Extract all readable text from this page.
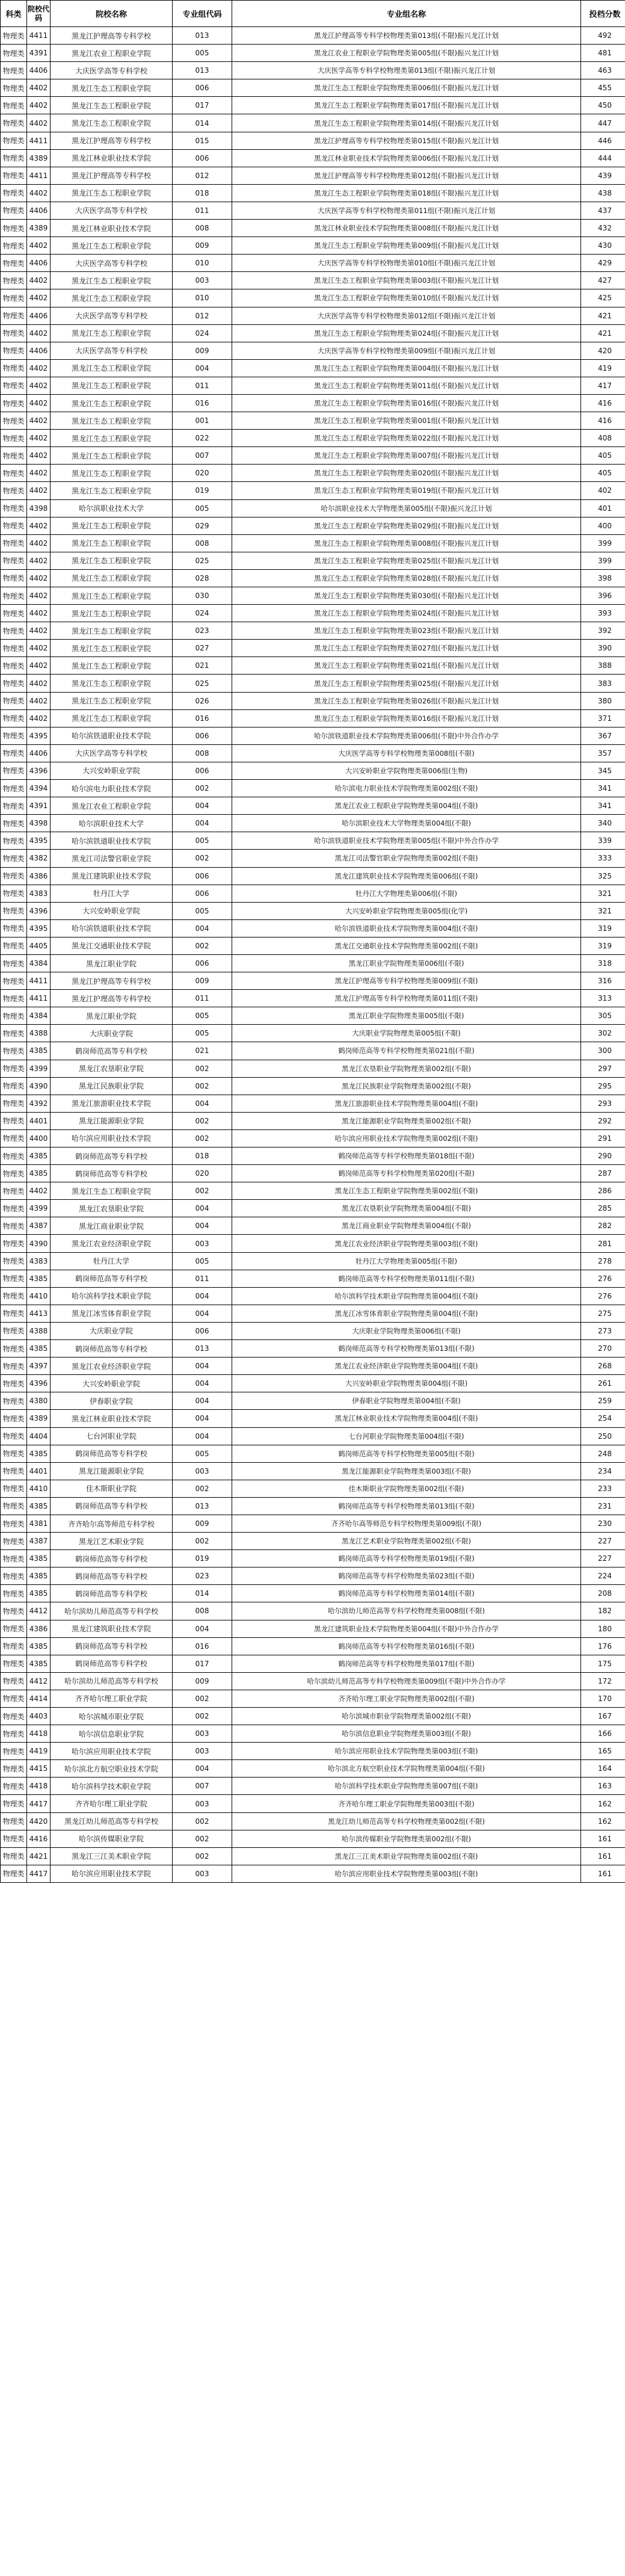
科类	院校代码	院校名称	专业组代码	专业组名称	投档分数
物理类	4411	黑龙江护理高等专科学校	013	黑龙江护理高等专科学校物理类第013组(不限)振兴龙江计划	492
物理类	4391	黑龙江农业工程职业学院	005	黑龙江农业工程职业学院物理类第005组(不限)振兴龙江计划	481
物理类	4406	大庆医学高等专科学校	013	大庆医学高等专科学校物理类第013组(不限)振兴龙江计划	463
物理类	4402	黑龙江生态工程职业学院	006	黑龙江生态工程职业学院物理类第006组(不限)振兴龙江计划	455
物理类	4402	黑龙江生态工程职业学院	017	黑龙江生态工程职业学院物理类第017组(不限)振兴龙江计划	450
物理类	4402	黑龙江生态工程职业学院	014	黑龙江生态工程职业学院物理类第014组(不限)振兴龙江计划	447
物理类	4411	黑龙江护理高等专科学校	015	黑龙江护理高等专科学校物理类第015组(不限)振兴龙江计划	446
物理类	4389	黑龙江林业职业技术学院	006	黑龙江林业职业技术学院物理类第006组(不限)振兴龙江计划	444
物理类	4411	黑龙江护理高等专科学校	012	黑龙江护理高等专科学校物理类第012组(不限)振兴龙江计划	439
物理类	4402	黑龙江生态工程职业学院	018	黑龙江生态工程职业学院物理类第018组(不限)振兴龙江计划	438
物理类	4406	大庆医学高等专科学校	011	大庆医学高等专科学校物理类第011组(不限)振兴龙江计划	437
物理类	4389	黑龙江林业职业技术学院	008	黑龙江林业职业技术学院物理类第008组(不限)振兴龙江计划	432
物理类	4402	黑龙江生态工程职业学院	009	黑龙江生态工程职业学院物理类第009组(不限)振兴龙江计划	430
物理类	4406	大庆医学高等专科学校	010	大庆医学高等专科学校物理类第010组(不限)振兴龙江计划	429
物理类	4402	黑龙江生态工程职业学院	003	黑龙江生态工程职业学院物理类第003组(不限)振兴龙江计划	427
物理类	4402	黑龙江生态工程职业学院	010	黑龙江生态工程职业学院物理类第010组(不限)振兴龙江计划	425
物理类	4406	大庆医学高等专科学校	012	大庆医学高等专科学校物理类第012组(不限)振兴龙江计划	421
物理类	4402	黑龙江生态工程职业学院	024	黑龙江生态工程职业学院物理类第024组(不限)振兴龙江计划	421
物理类	4406	大庆医学高等专科学校	009	大庆医学高等专科学校物理类第009组(不限)振兴龙江计划	420
物理类	4402	黑龙江生态工程职业学院	004	黑龙江生态工程职业学院物理类第004组(不限)振兴龙江计划	419
物理类	4402	黑龙江生态工程职业学院	011	黑龙江生态工程职业学院物理类第011组(不限)振兴龙江计划	417
物理类	4402	黑龙江生态工程职业学院	016	黑龙江生态工程职业学院物理类第016组(不限)振兴龙江计划	416
物理类	4402	黑龙江生态工程职业学院	001	黑龙江生态工程职业学院物理类第001组(不限)振兴龙江计划	416
物理类	4402	黑龙江生态工程职业学院	022	黑龙江生态工程职业学院物理类第022组(不限)振兴龙江计划	408
物理类	4402	黑龙江生态工程职业学院	007	黑龙江生态工程职业学院物理类第007组(不限)振兴龙江计划	405
物理类	4402	黑龙江生态工程职业学院	020	黑龙江生态工程职业学院物理类第020组(不限)振兴龙江计划	405
物理类	4402	黑龙江生态工程职业学院	019	黑龙江生态工程职业学院物理类第019组(不限)振兴龙江计划	402
物理类	4398	哈尔滨职业技术大学	005	哈尔滨职业技术大学物理类第005组(不限)振兴龙江计划	401
物理类	4402	黑龙江生态工程职业学院	029	黑龙江生态工程职业学院物理类第029组(不限)振兴龙江计划	400
物理类	4402	黑龙江生态工程职业学院	008	黑龙江生态工程职业学院物理类第008组(不限)振兴龙江计划	399
物理类	4402	黑龙江生态工程职业学院	025	黑龙江生态工程职业学院物理类第025组(不限)振兴龙江计划	399
物理类	4402	黑龙江生态工程职业学院	028	黑龙江生态工程职业学院物理类第028组(不限)振兴龙江计划	398
物理类	4402	黑龙江生态工程职业学院	030	黑龙江生态工程职业学院物理类第030组(不限)振兴龙江计划	396
物理类	4402	黑龙江生态工程职业学院	024	黑龙江生态工程职业学院物理类第024组(不限)振兴龙江计划	393
物理类	4402	黑龙江生态工程职业学院	023	黑龙江生态工程职业学院物理类第023组(不限)振兴龙江计划	392
物理类	4402	黑龙江生态工程职业学院	027	黑龙江生态工程职业学院物理类第027组(不限)振兴龙江计划	390
物理类	4402	黑龙江生态工程职业学院	021	黑龙江生态工程职业学院物理类第021组(不限)振兴龙江计划	388
物理类	4402	黑龙江生态工程职业学院	025	黑龙江生态工程职业学院物理类第025组(不限)振兴龙江计划	383
物理类	4402	黑龙江生态工程职业学院	026	黑龙江生态工程职业学院物理类第026组(不限)振兴龙江计划	380
物理类	4402	黑龙江生态工程职业学院	016	黑龙江生态工程职业学院物理类第016组(不限)振兴龙江计划	371
物理类	4395	哈尔滨铁道职业技术学院	006	哈尔滨铁道职业技术学院物理类第006组(不限)中外合作办学	367
物理类	4406	大庆医学高等专科学校	008	大庆医学高等专科学校物理类第008组(不限)	357
物理类	4396	大兴安岭职业学院	006	大兴安岭职业学院物理类第006组(生物)	345
物理类	4394	哈尔滨电力职业技术学院	002	哈尔滨电力职业技术学院物理类第002组(不限)	341
物理类	4391	黑龙江农业工程职业学院	004	黑龙江农业工程职业学院物理类第004组(不限)	341
物理类	4398	哈尔滨职业技术大学	004	哈尔滨职业技术大学物理类第004组(不限)	340
物理类	4395	哈尔滨铁道职业技术学院	005	哈尔滨铁道职业技术学院物理类第005组(不限)中外合作办学	339
物理类	4382	黑龙江司法警官职业学院	002	黑龙江司法警官职业学院物理类第002组(不限)	333
物理类	4386	黑龙江建筑职业技术学院	006	黑龙江建筑职业技术学院物理类第006组(不限)	325
物理类	4383	牡丹江大学	006	牡丹江大学物理类第006组(不限)	321
物理类	4396	大兴安岭职业学院	005	大兴安岭职业学院物理类第005组(化学)	321
物理类	4395	哈尔滨铁道职业技术学院	004	哈尔滨铁道职业技术学院物理类第004组(不限)	319
物理类	4405	黑龙江交通职业技术学院	002	黑龙江交通职业技术学院物理类第002组(不限)	319
物理类	4384	黑龙江职业学院	006	黑龙江职业学院物理类第006组(不限)	318
物理类	4411	黑龙江护理高等专科学校	009	黑龙江护理高等专科学校物理类第009组(不限)	316
物理类	4411	黑龙江护理高等专科学校	011	黑龙江护理高等专科学校物理类第011组(不限)	313
物理类	4384	黑龙江职业学院	005	黑龙江职业学院物理类第005组(不限)	305
物理类	4388	大庆职业学院	005	大庆职业学院物理类第005组(不限)	302
物理类	4385	鹤岗师范高等专科学校	021	鹤岗师范高等专科学校物理类第021组(不限)	300
物理类	4399	黑龙江农垦职业学院	002	黑龙江农垦职业学院物理类第002组(不限)	297
物理类	4390	黑龙江民族职业学院	002	黑龙江民族职业学院物理类第002组(不限)	295
物理类	4392	黑龙江旅游职业技术学院	004	黑龙江旅游职业技术学院物理类第004组(不限)	293
物理类	4401	黑龙江能源职业学院	002	黑龙江能源职业学院物理类第002组(不限)	292
物理类	4400	哈尔滨应用职业技术学院	002	哈尔滨应用职业技术学院物理类第002组(不限)	291
物理类	4385	鹤岗师范高等专科学校	018	鹤岗师范高等专科学校物理类第018组(不限)	290
物理类	4385	鹤岗师范高等专科学校	020	鹤岗师范高等专科学校物理类第020组(不限)	287
物理类	4402	黑龙江生态工程职业学院	002	黑龙江生态工程职业学院物理类第002组(不限)	286
物理类	4399	黑龙江农垦职业学院	004	黑龙江农垦职业学院物理类第004组(不限)	285
物理类	4387	黑龙江商业职业学院	004	黑龙江商业职业学院物理类第004组(不限)	282
物理类	4390	黑龙江农业经济职业学院	003	黑龙江农业经济职业学院物理类第003组(不限)	281
物理类	4383	牡丹江大学	005	牡丹江大学物理类第005组(不限)	278
物理类	4385	鹤岗师范高等专科学校	011	鹤岗师范高等专科学校物理类第011组(不限)	276
物理类	4410	哈尔滨科学技术职业学院	004	哈尔滨科学技术职业学院物理类第004组(不限)	276
物理类	4413	黑龙江冰雪体育职业学院	004	黑龙江冰雪体育职业学院物理类第004组(不限)	275
物理类	4388	大庆职业学院	006	大庆职业学院物理类第006组(不限)	273
物理类	4385	鹤岗师范高等专科学校	013	鹤岗师范高等专科学校物理类第013组(不限)	270
物理类	4397	黑龙江农业经济职业学院	004	黑龙江农业经济职业学院物理类第004组(不限)	268
物理类	4396	大兴安岭职业学院	004	大兴安岭职业学院物理类第004组(不限)	261
物理类	4380	伊春职业学院	004	伊春职业学院物理类第004组(不限)	259
物理类	4389	黑龙江林业职业技术学院	004	黑龙江林业职业技术学院物理类第004组(不限)	254
物理类	4404	七台河职业学院	004	七台河职业学院物理类第004组(不限)	250
物理类	4385	鹤岗师范高等专科学校	005	鹤岗师范高等专科学校物理类第005组(不限)	248
物理类	4401	黑龙江能源职业学院	003	黑龙江能源职业学院物理类第003组(不限)	234
物理类	4410	佳木斯职业学院	002	佳木斯职业学院物理类第002组(不限)	233
物理类	4385	鹤岗师范高等专科学校	013	鹤岗师范高等专科学校物理类第013组(不限)	231
物理类	4381	齐齐哈尔高等师范专科学校	009	齐齐哈尔高等师范专科学校物理类第009组(不限)	230
物理类	4387	黑龙江艺术职业学院	002	黑龙江艺术职业学院物理类第002组(不限)	227
物理类	4385	鹤岗师范高等专科学校	019	鹤岗师范高等专科学校物理类第019组(不限)	227
物理类	4385	鹤岗师范高等专科学校	023	鹤岗师范高等专科学校物理类第023组(不限)	224
物理类	4385	鹤岗师范高等专科学校	014	鹤岗师范高等专科学校物理类第014组(不限)	208
物理类	4412	哈尔滨幼儿师范高等专科学校	008	哈尔滨幼儿师范高等专科学校物理类第008组(不限)	182
物理类	4386	黑龙江建筑职业技术学院	004	黑龙江建筑职业技术学院物理类第004组(不限)中外合作办学	180
物理类	4385	鹤岗师范高等专科学校	016	鹤岗师范高等专科学校物理类第016组(不限)	176
物理类	4385	鹤岗师范高等专科学校	017	鹤岗师范高等专科学校物理类第017组(不限)	175
物理类	4412	哈尔滨幼儿师范高等专科学校	009	哈尔滨幼儿师范高等专科学校物理类第009组(不限)中外合作办学	172
物理类	4414	齐齐哈尔理工职业学院	002	齐齐哈尔理工职业学院物理类第002组(不限)	170
物理类	4403	哈尔滨城市职业学院	002	哈尔滨城市职业学院物理类第002组(不限)	167
物理类	4418	哈尔滨信息职业学院	003	哈尔滨信息职业学院物理类第003组(不限)	166
物理类	4419	哈尔滨应用职业技术学院	003	哈尔滨应用职业技术学院物理类第003组(不限)	165
物理类	4415	哈尔滨北方航空职业技术学院	004	哈尔滨北方航空职业技术学院物理类第004组(不限)	164
物理类	4418	哈尔滨科学技术职业学院	007	哈尔滨科学技术职业学院物理类第007组(不限)	163
物理类	4417	齐齐哈尔理工职业学院	003	齐齐哈尔理工职业学院物理类第003组(不限)	162
物理类	4420	黑龙江幼儿师范高等专科学校	002	黑龙江幼儿师范高等专科学校物理类第002组(不限)	162
物理类	4416	哈尔滨传媒职业学院	002	哈尔滨传媒职业学院物理类第002组(不限)	161
物理类	4421	黑龙江三江美术职业学院	002	黑龙江三江美术职业学院物理类第002组(不限)	161
物理类	4417	哈尔滨应用职业技术学院	003	哈尔滨应用职业技术学院物理类第003组(不限)	161
